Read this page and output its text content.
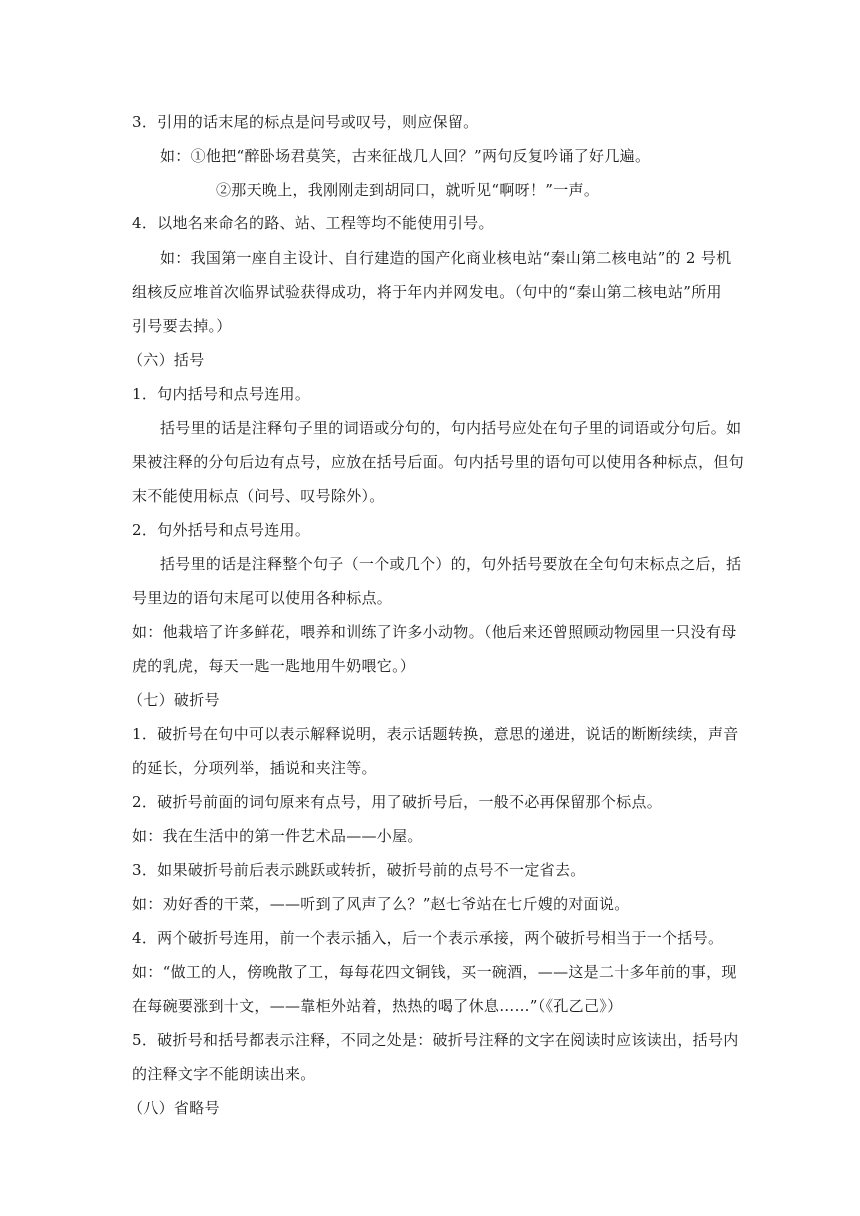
3．引用的话末尾的标点是问号或叹号，则应保留。
如：①他把“醉卧场君莫笑，古来征战几人回？”两句反复吟诵了好几遍。
②那天晚上，我刚刚走到胡同口，就听见“啊呀！”一声。
4．以地名来命名的路、站、工程等均不能使用引号。
如：我国第一座自主设计、自行建造的国产化商业核电站“秦山第二核电站”的 2 号机
组核反应堆首次临界试验获得成功，将于年内并网发电。（句中的“秦山第二核电站”所用
引号要去掉。）
（六）括号
1．句内括号和点号连用。
括号里的话是注释句子里的词语或分句的，句内括号应处在句子里的词语或分句后。如
果被注释的分句后边有点号，应放在括号后面。句内括号里的语句可以使用各种标点，但句
末不能使用标点（问号、叹号除外）。
2．句外括号和点号连用。
括号里的话是注释整个句子（一个或几个）的，句外括号要放在全句句末标点之后，括
号里边的语句末尾可以使用各种标点。
如：他栽培了许多鲜花，喂养和训练了许多小动物。（他后来还曾照顾动物园里一只没有母
虎的乳虎，每天一匙一匙地用牛奶喂它。）
（七）破折号
1．破折号在句中可以表示解释说明，表示话题转换，意思的递进，说话的断断续续，声音
的延长，分项列举，插说和夹注等。
2．破折号前面的词句原来有点号，用了破折号后，一般不必再保留那个标点。
如：我在生活中的第一件艺术品——小屋。
3．如果破折号前后表示跳跃或转折，破折号前的点号不一定省去。
如：劝好香的干菜，——听到了风声了么？”赵七爷站在七斤嫂的对面说。
4．两个破折号连用，前一个表示插入，后一个表示承接，两个破折号相当于一个括号。
如：“做工的人，傍晚散了工，每每花四文铜钱，买一碗酒，——这是二十多年前的事，现
在每碗要涨到十文，——靠柜外站着，热热的喝了休息……”（《孔乙己》）
5．破折号和括号都表示注释，不同之处是：破折号注释的文字在阅读时应该读出，括号内
的注释文字不能朗读出来。
（八）省略号
